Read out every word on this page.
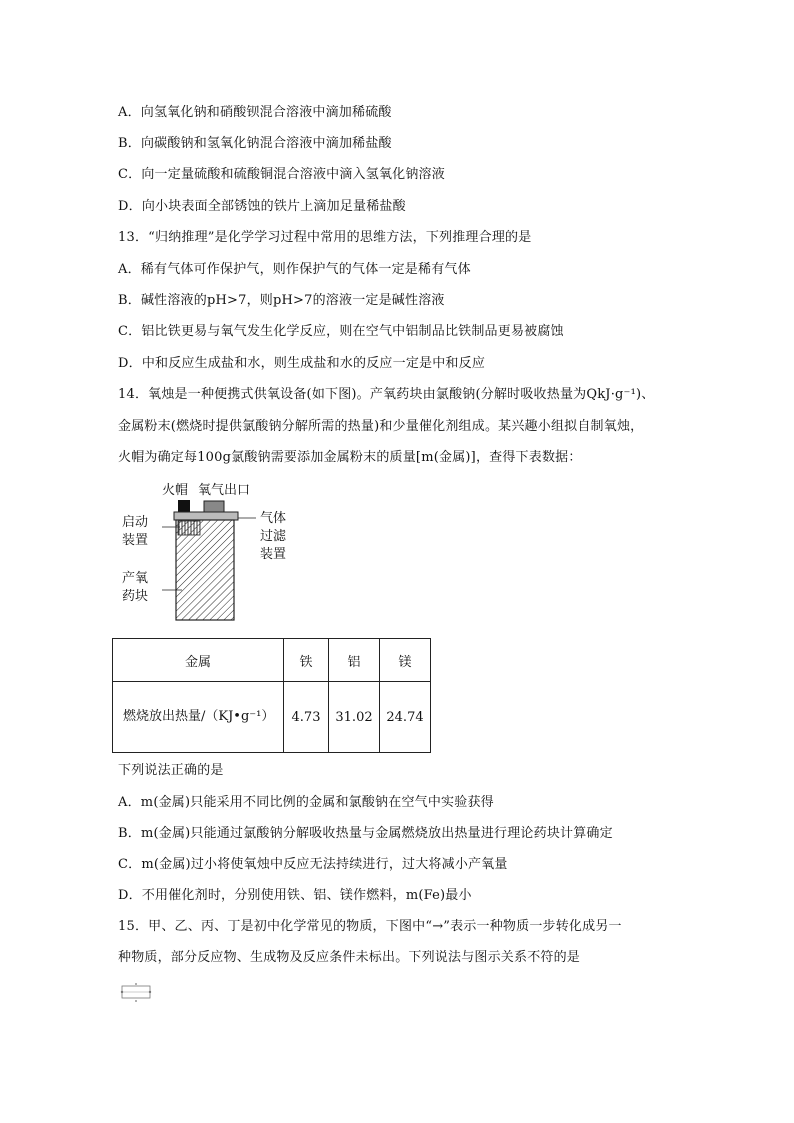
A．向氢氧化钠和硝酸钡混合溶液中滴加稀硫酸
B．向碳酸钠和氢氧化钠混合溶液中滴加稀盐酸
C．向一定量硫酸和硫酸铜混合溶液中滴入氢氧化钠溶液
D．向小块表面全部锈蚀的铁片上滴加足量稀盐酸
13．“归纳推理”是化学学习过程中常用的思维方法，下列推理合理的是
A．稀有气体可作保护气，则作保护气的气体一定是稀有气体
B．碱性溶液的pH>7，则pH>7的溶液一定是碱性溶液
C．铝比铁更易与氧气发生化学反应，则在空气中铝制品比铁制品更易被腐蚀
D．中和反应生成盐和水，则生成盐和水的反应一定是中和反应
14．氧烛是一种便携式供氧设备(如下图)。产氧药块由氯酸钠(分解时吸收热量为QkJ·g⁻¹)、
金属粉末(燃烧时提供氯酸钠分解所需的热量)和少量催化剂组成。某兴趣小组拟自制氧烛，
火帽为确定每100g氯酸钠需要添加金属粉末的质量[m(金属)]，查得下表数据：
火帽 氧气出口
启动
装置
产氧
药块
气体
过滤
装置
金属	铁	铝	镁
燃烧放出热量/（KJ•g⁻¹）	4.73	31.02	24.74
下列说法正确的是
A．m(金属)只能采用不同比例的金属和氯酸钠在空气中实验获得
B．m(金属)只能通过氯酸钠分解吸收热量与金属燃烧放出热量进行理论药块计算确定
C．m(金属)过小将使氧烛中反应无法持续进行，过大将减小产氧量
D．不用催化剂时，分别使用铁、铝、镁作燃料，m(Fe)最小
15．甲、乙、丙、丁是初中化学常见的物质，下图中“→”表示一种物质一步转化成另一
种物质，部分反应物、生成物及反应条件未标出。下列说法与图示关系不符的是
